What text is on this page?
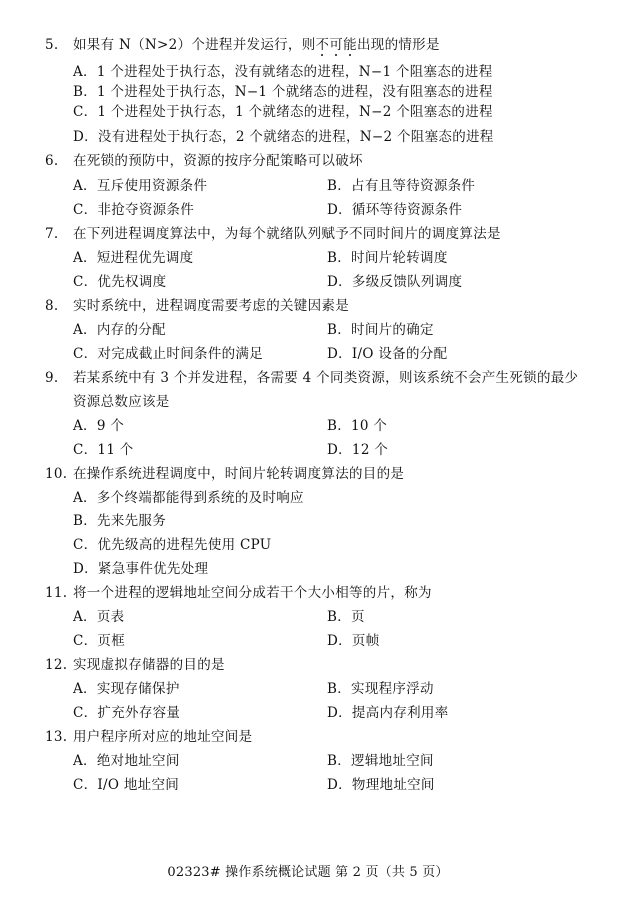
5. 如果有 N（N>2）个进程并发运行，则不
可
能
出现的情形是
A．1 个进程处于执行态，没有就绪态的进程，N−1 个阻塞态的进程
B．1 个进程处于执行态，N−1 个就绪态的进程，没有阻塞态的进程
C．1 个进程处于执行态，1 个就绪态的进程，N−2 个阻塞态的进程
D．没有进程处于执行态，2 个就绪态的进程，N−2 个阻塞态的进程
6. 在死锁的预防中，资源的按序分配策略可以破坏
A．互斥使用资源条件	B．占有且等待资源条件
C．非抢夺资源条件	D．循环等待资源条件
7. 在下列进程调度算法中，为每个就绪队列赋予不同时间片的调度算法是
A．短进程优先调度	B．时间片轮转调度
C．优先权调度	D．多级反馈队列调度
8. 实时系统中，进程调度需要考虑的关键因素是
A．内存的分配	B．时间片的确定
C．对完成截止时间条件的满足	D．I/O 设备的分配
9. 若某系统中有 3 个并发进程，各需要 4 个同类资源，则该系统不会产生死锁的最少
资源总数应该是
A．9 个	B．10 个
C．11 个	D．12 个
10. 在操作系统进程调度中，时间片轮转调度算法的目的是
A．多个终端都能得到系统的及时响应
B．先来先服务
C．优先级高的进程先使用 CPU
D．紧急事件优先处理
11. 将一个进程的逻辑地址空间分成若干个大小相等的片，称为
A．页表	B．页
C．页框	D．页帧
12. 实现虚拟存储器的目的是
A．实现存储保护	B．实现程序浮动
C．扩充外存容量	D．提高内存利用率
13. 用户程序所对应的地址空间是
A．绝对地址空间	B．逻辑地址空间
C．I/O 地址空间	D．物理地址空间
02323# 操作系统概论试题 第 2 页（共 5 页）
